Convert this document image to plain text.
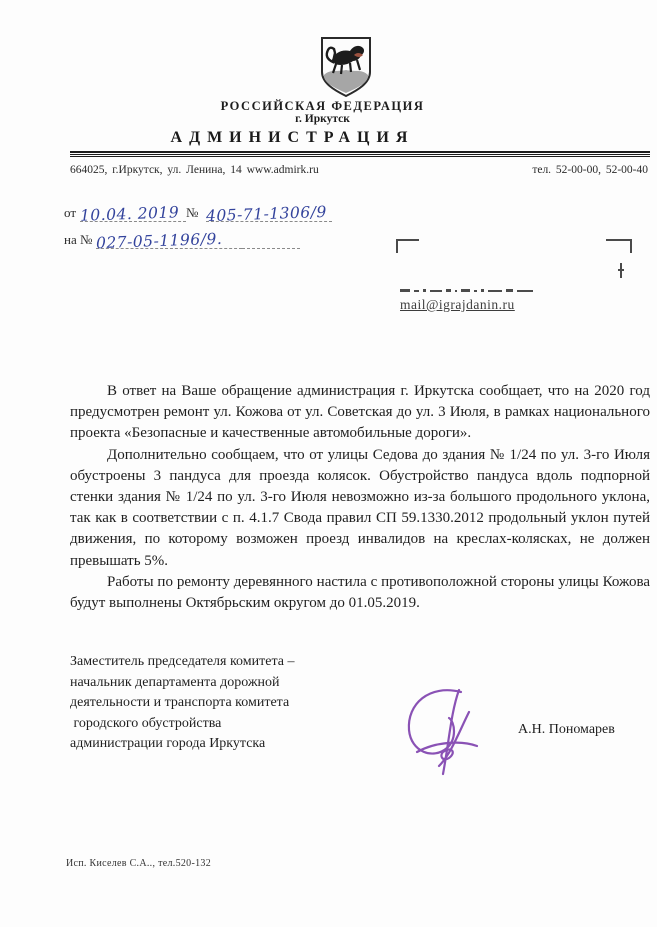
РОССИЙСКАЯ ФЕДЕРАЦИЯ
г. Иркутск
АДМИНИСТРАЦИЯ
664025, г.Иркутск, ул. Ленина, 14 www.admirk.ru	тел. 52-00-00, 52-00-40
от 10.04. 2019 № 405-71-1306/9
на № 027-05-1196/9.
mail@igrajdanin.ru

В ответ на Ваше обращение администрация г. Иркутска сообщает, что на 2020 год предусмотрен ремонт ул. Кожова от ул. Советская до ул. 3 Июля, в рамках национального проекта «Безопасные и качественные автомобильные дороги».

Дополнительно сообщаем, что от улицы Седова до здания № 1/24 по ул. 3-го Июля обустроены 3 пандуса для проезда колясок. Обустройство пандуса вдоль подпорной стенки здания № 1/24 по ул. 3-го Июля невозможно из-за большого продольного уклона, так как в соответствии с п. 4.1.7 Свода правил СП 59.1330.2012 продольный уклон путей движения, по которому возможен проезд инвалидов на креслах-колясках, не должен превышать 5%.

Работы по ремонту деревянного настила с противоположной стороны улицы Кожова будут выполнены Октябрьским округом до 01.05.2019.

Заместитель председателя комитета –
начальник департамента дорожной
деятельности и транспорта комитета
городского обустройства
администрации города Иркутска
А.Н. Пономарев
Исп. Киселев С.А.., тел.520-132
